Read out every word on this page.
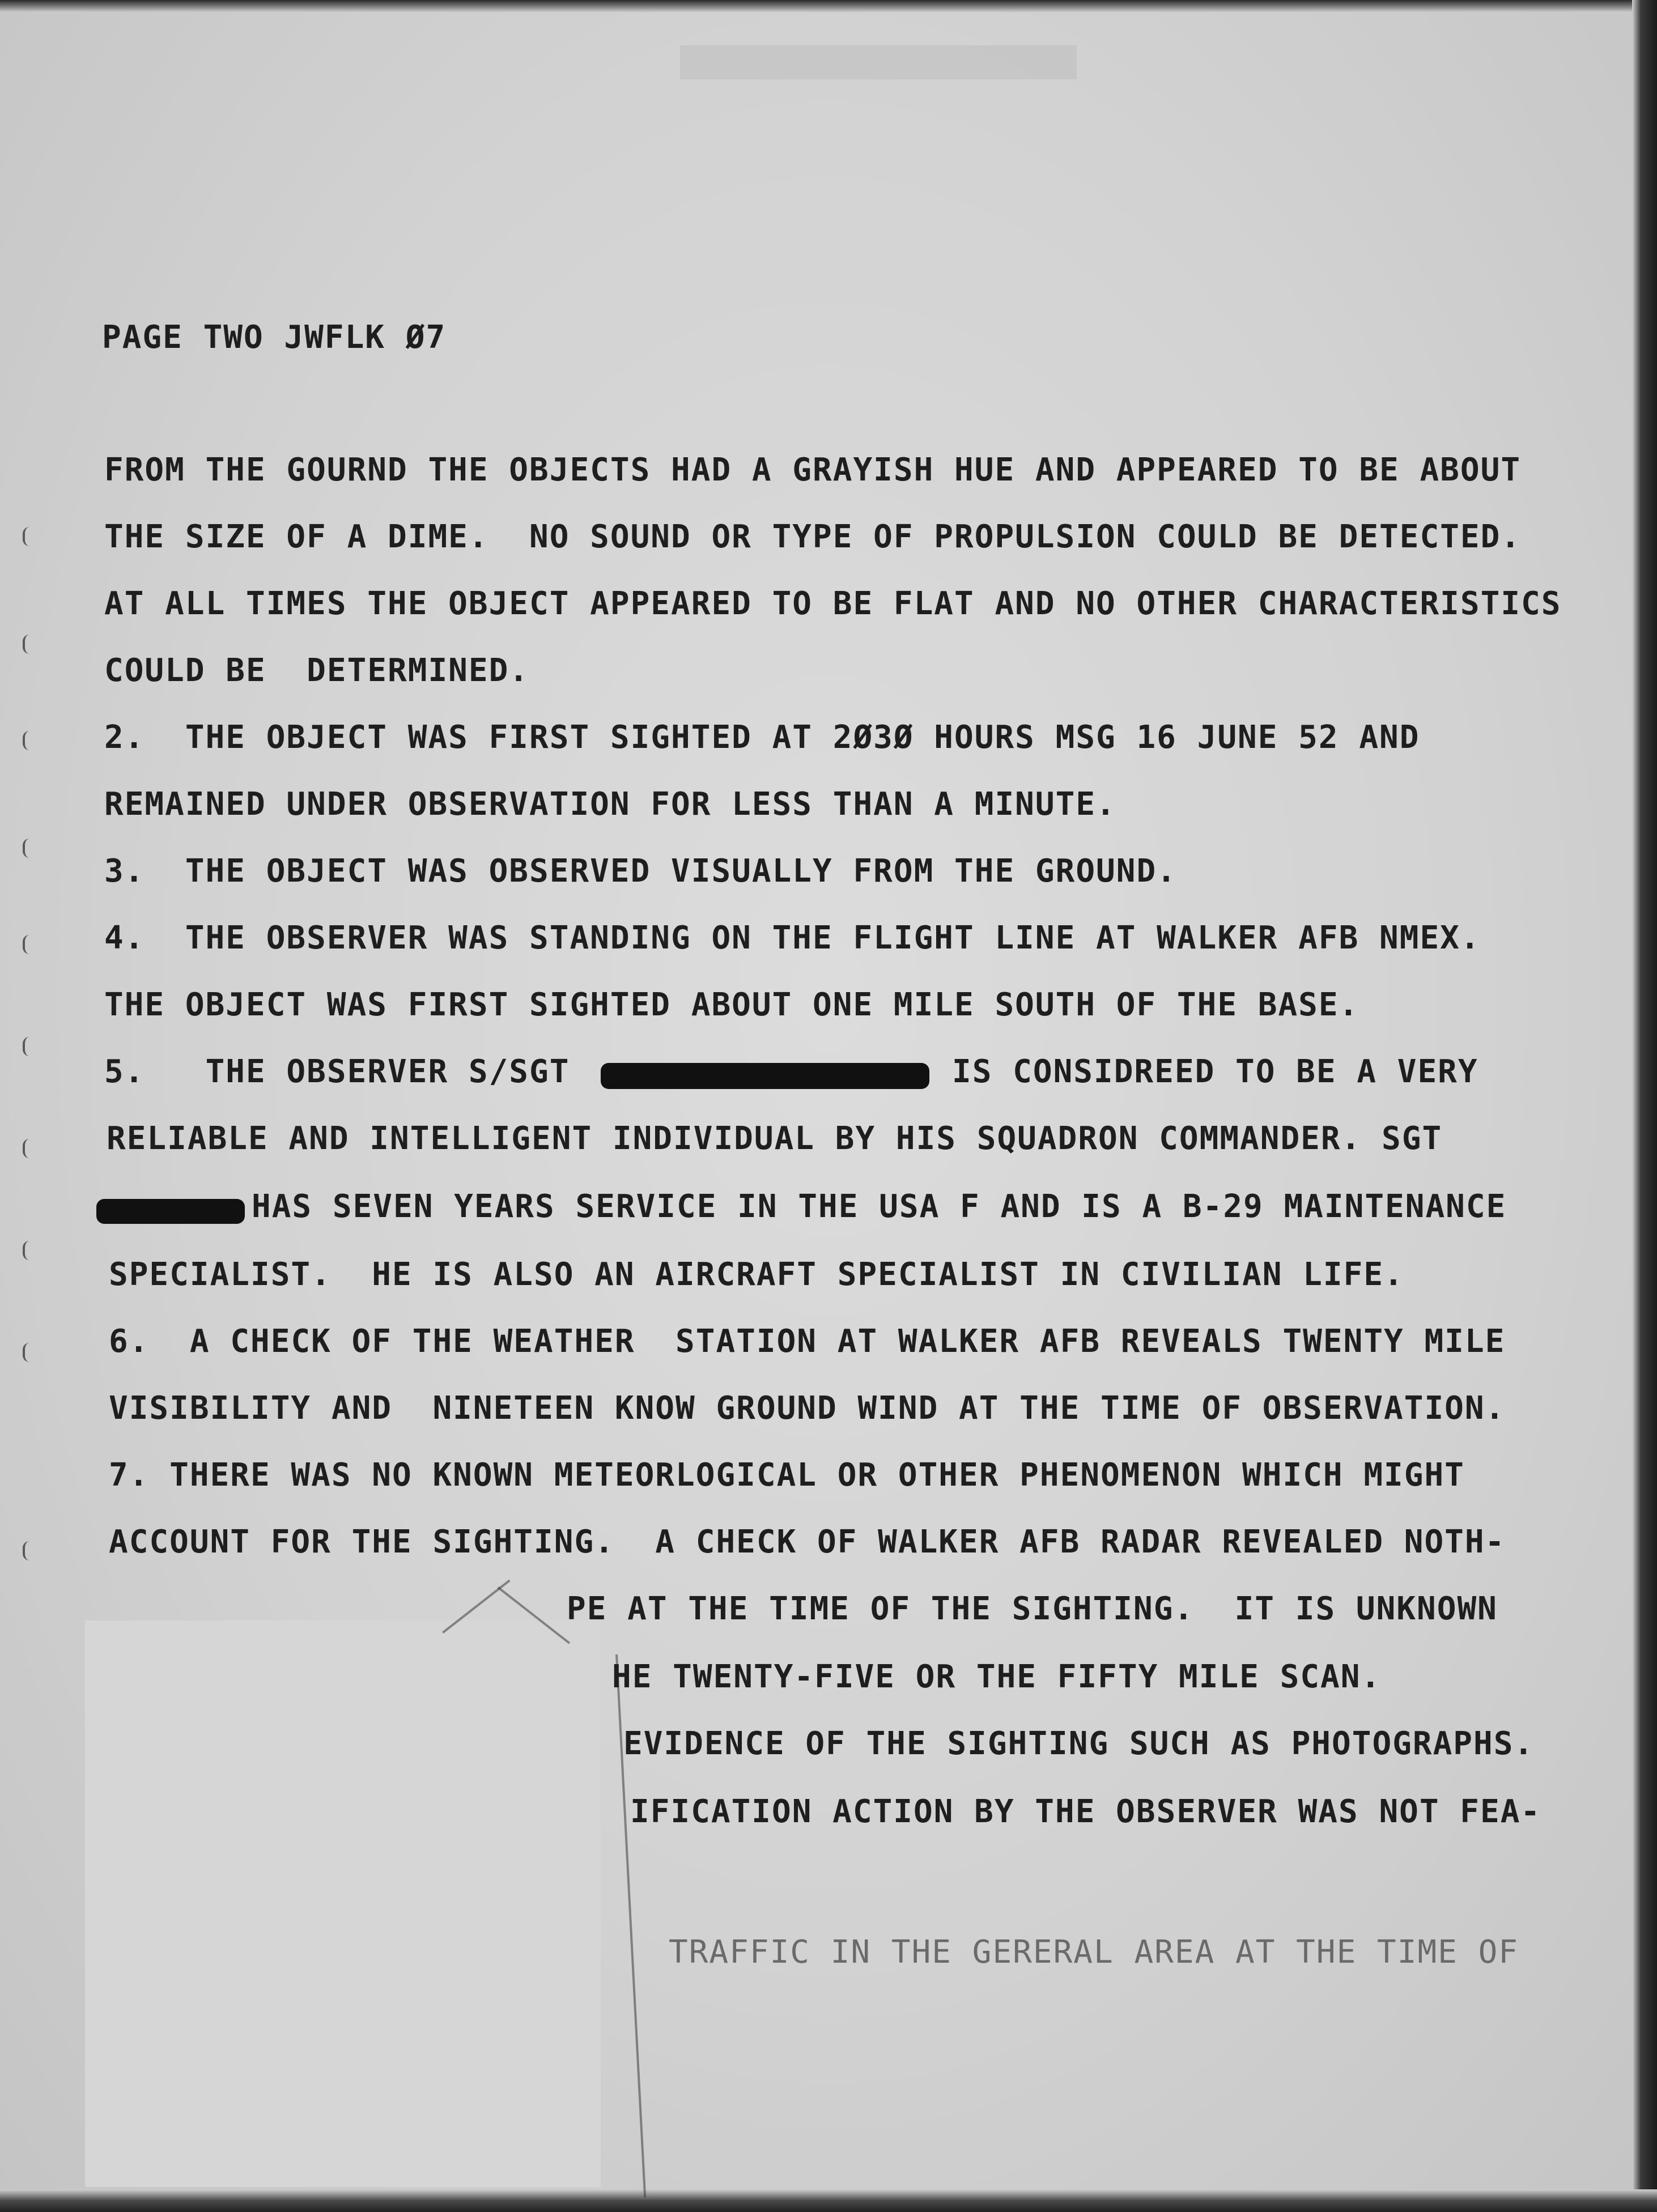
PAGE TWO JWFLK Ø7
FROM THE GOURND THE OBJECTS HAD A GRAYISH HUE AND APPEARED TO BE ABOUT
THE SIZE OF A DIME.  NO SOUND OR TYPE OF PROPULSION COULD BE DETECTED.
AT ALL TIMES THE OBJECT APPEARED TO BE FLAT AND NO OTHER CHARACTERISTICS
COULD BE  DETERMINED.
2.  THE OBJECT WAS FIRST SIGHTED AT 2Ø3Ø HOURS MSG 16 JUNE 52 AND
REMAINED UNDER OBSERVATION FOR LESS THAN A MINUTE.
3.  THE OBJECT WAS OBSERVED VISUALLY FROM THE GROUND.
4.  THE OBSERVER WAS STANDING ON THE FLIGHT LINE AT WALKER AFB NMEX.
THE OBJECT WAS FIRST SIGHTED ABOUT ONE MILE SOUTH OF THE BASE.
5.   THE OBSERVER S/SGT	IS CONSIDREED TO BE A VERY
RELIABLE AND INTELLIGENT INDIVIDUAL BY HIS SQUADRON COMMANDER. SGT
HAS SEVEN YEARS SERVICE IN THE USA F AND IS A B-29 MAINTENANCE
SPECIALIST.  HE IS ALSO AN AIRCRAFT SPECIALIST IN CIVILIAN LIFE.
6.  A CHECK OF THE WEATHER  STATION AT WALKER AFB REVEALS TWENTY MILE
VISIBILITY AND  NINETEEN KNOW GROUND WIND AT THE TIME OF OBSERVATION.
7. THERE WAS NO KNOWN METEORLOGICAL OR OTHER PHENOMENON WHICH MIGHT
ACCOUNT FOR THE SIGHTING.  A CHECK OF WALKER AFB RADAR REVEALED NOTH-
PE AT THE TIME OF THE SIGHTING.  IT IS UNKNOWN
HE TWENTY-FIVE OR THE FIFTY MILE SCAN.
EVIDENCE OF THE SIGHTING SUCH AS PHOTOGRAPHS.
IFICATION ACTION BY THE OBSERVER WAS NOT FEA-
TRAFFIC IN THE GERERAL AREA AT THE TIME OF
